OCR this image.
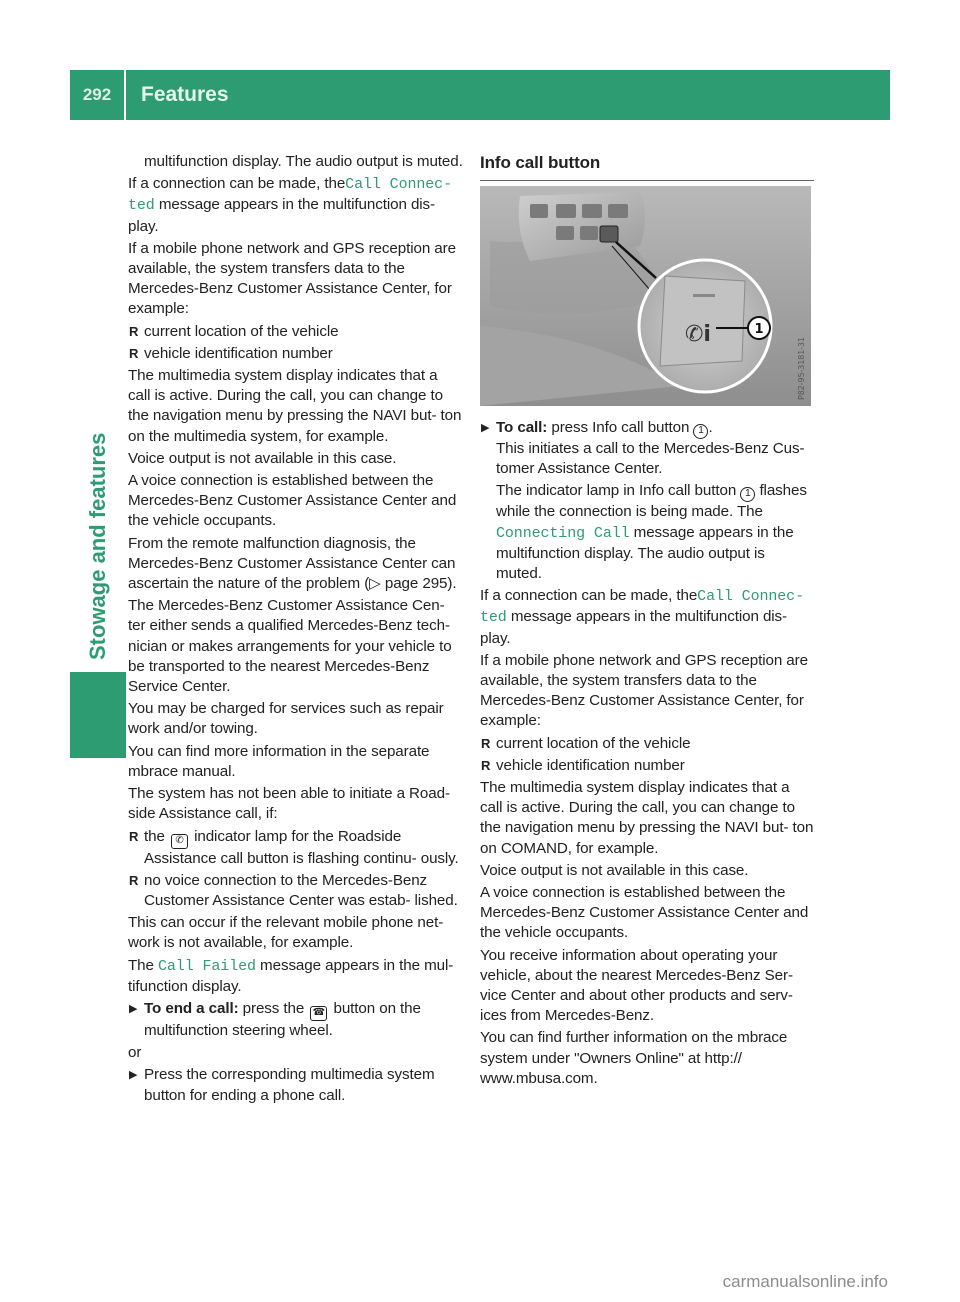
292	Features
Stowage and features
multifunction display. The audio output is muted.
If a connection can be made, theCall Connec‐ ted message appears in the multifunction dis- play.
If a mobile phone network and GPS reception are available, the system transfers data to the Mercedes-Benz Customer Assistance Center, for example:
R current location of the vehicle
R vehicle identification number
The multimedia system display indicates that a call is active. During the call, you can change to the navigation menu by pressing the NAVI but- ton on the multimedia system, for example.
Voice output is not available in this case.
A voice connection is established between the Mercedes-Benz Customer Assistance Center and the vehicle occupants.
From the remote malfunction diagnosis, the Mercedes-Benz Customer Assistance Center can ascertain the nature of the problem (▷ page 295).
The Mercedes-Benz Customer Assistance Cen- ter either sends a qualified Mercedes-Benz tech- nician or makes arrangements for your vehicle to be transported to the nearest Mercedes-Benz Service Center.
You may be charged for services such as repair work and/or towing.
You can find more information in the separate mbrace manual.
The system has not been able to initiate a Road- side Assistance call, if:
R the ✆ indicator lamp for the Roadside Assistance call button is flashing continu- ously.
R no voice connection to the Mercedes-Benz Customer Assistance Center was estab- lished.
This can occur if the relevant mobile phone net- work is not available, for example.
The Call Failed message appears in the mul- tifunction display.
▶ To end a call: press the ☎ button on the multifunction steering wheel.
or
▶ Press the corresponding multimedia system button for ending a phone call.
Info call button
✆i	1
P82-95-3181-31
▶ To call: press Info call button 1 .
This initiates a call to the Mercedes-Benz Cus- tomer Assistance Center.
The indicator lamp in Info call button 1 flashes while the connection is being made. The Connecting Call message appears in the multifunction display. The audio output is muted.
If a connection can be made, theCall Connec‐ ted message appears in the multifunction dis- play.
If a mobile phone network and GPS reception are available, the system transfers data to the Mercedes-Benz Customer Assistance Center, for example:
R current location of the vehicle
R vehicle identification number
The multimedia system display indicates that a call is active. During the call, you can change to the navigation menu by pressing the NAVI but- ton on COMAND, for example.
Voice output is not available in this case.
A voice connection is established between the Mercedes-Benz Customer Assistance Center and the vehicle occupants.
You receive information about operating your vehicle, about the nearest Mercedes-Benz Ser- vice Center and about other products and serv- ices from Mercedes-Benz.
You can find further information on the mbrace system under "Owners Online" at http:// www.mbusa.com.
carmanualsonline.info
